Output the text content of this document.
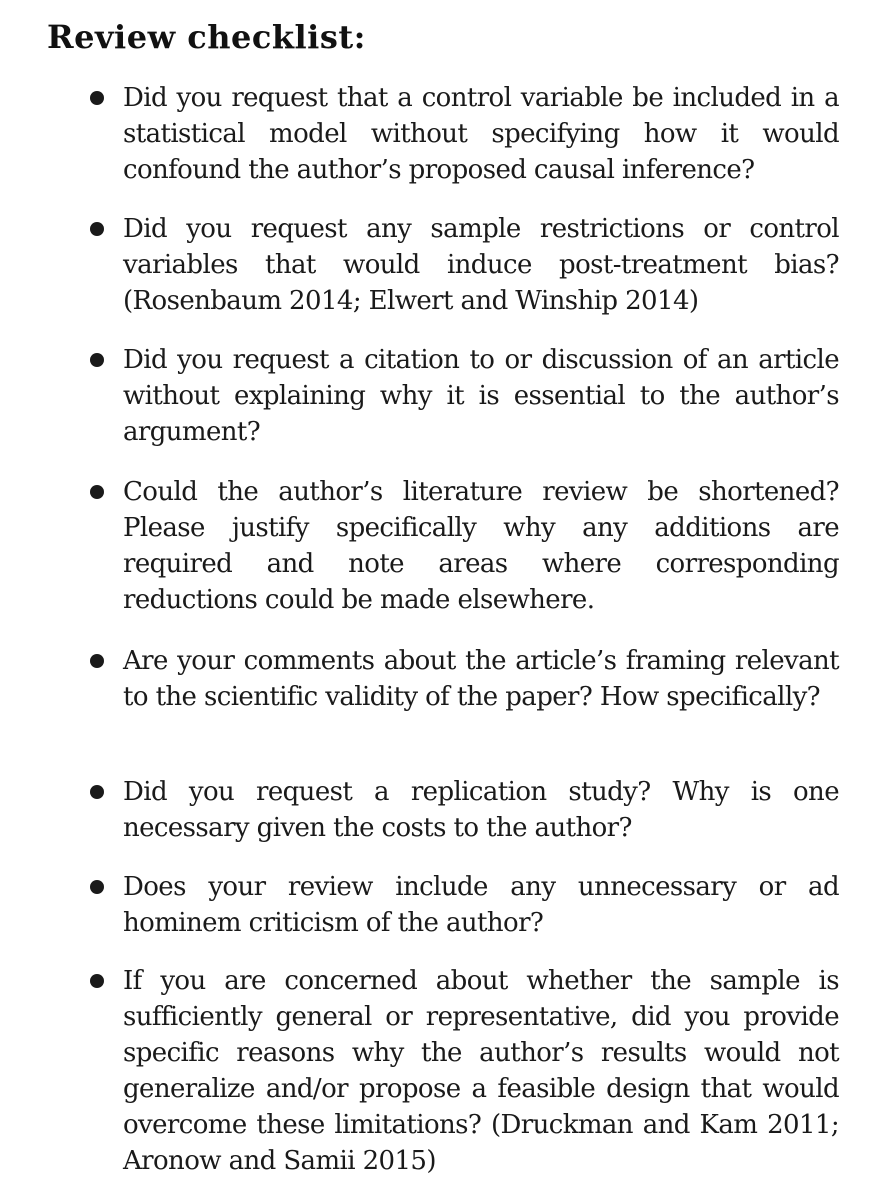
Review checklist:

Did you request that a control variable be included in a statistical model without specifying how it would confound the author’s proposed causal inference?

Did you request any sample restrictions or control variables that would induce post-treatment bias? (Rosenbaum 2014; Elwert and Winship 2014)

Did you request a citation to or discussion of an article without explaining why it is essential to the author’s argument?

Could the author’s literature review be shortened? Please justify specifically why any additions are required and note areas where corresponding reductions could be made elsewhere.

Are your comments about the article’s framing relevant to the scientific validity of the paper? How specifically?

Did you request a replication study? Why is one necessary given the costs to the author?

Does your review include any unnecessary or ad hominem criticism of the author?

If you are concerned about whether the sample is sufficiently general or representative, did you provide specific reasons why the author’s results would not generalize and/or propose a feasible design that would overcome these limitations? (Druckman and Kam 2011; Aronow and Samii 2015)
